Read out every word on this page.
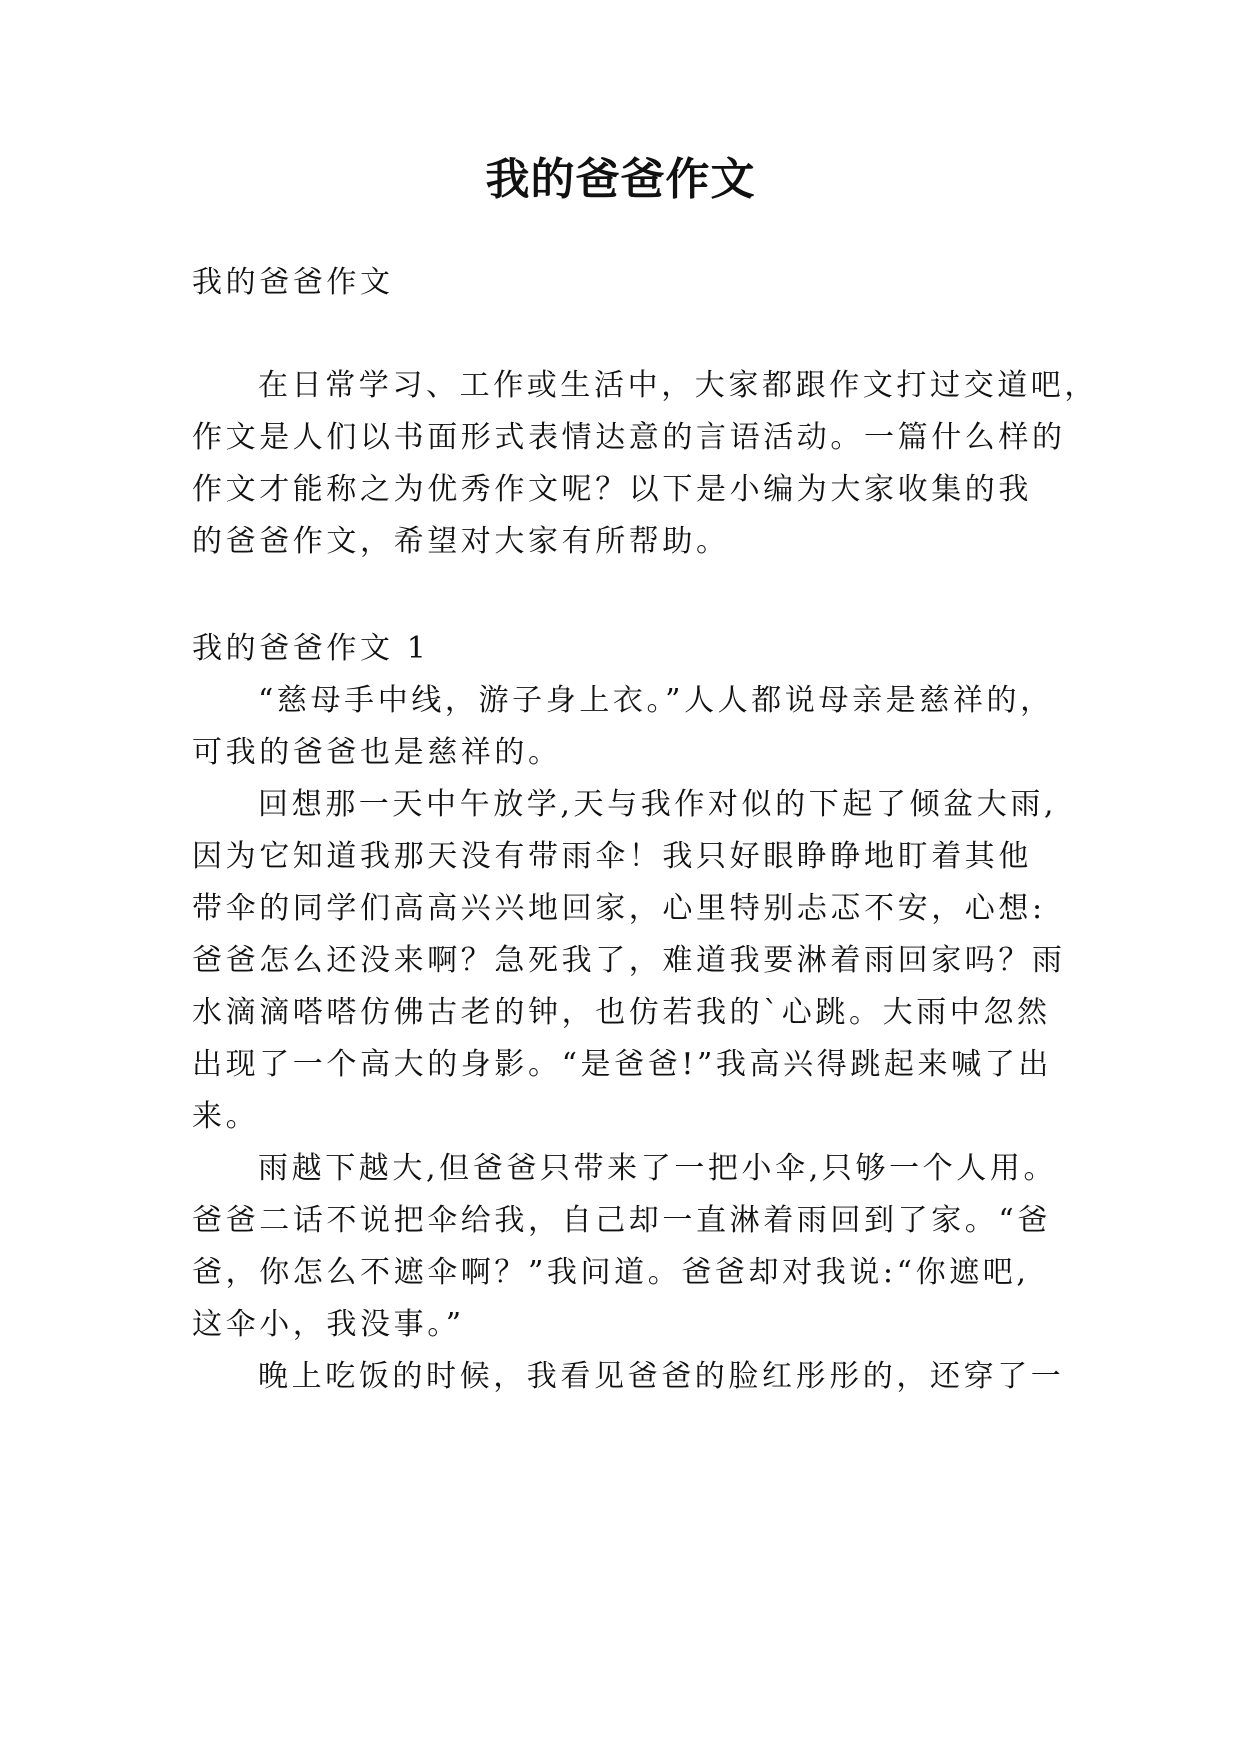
我的爸爸作文

我的爸爸作文

在日常学习、工作或生活中，大家都跟作文打过交道吧，

作文是人们以书面形式表情达意的言语活动。一篇什么样的

作文才能称之为优秀作文呢？以下是小编为大家收集的我

的爸爸作文，希望对大家有所帮助。

我的爸爸作文 1

“慈母手中线，游子身上衣。”人人都说母亲是慈祥的，

可我的爸爸也是慈祥的。

回想那一天中午放学,天与我作对似的下起了倾盆大雨,

因为它知道我那天没有带雨伞！我只好眼睁睁地盯着其他

带伞的同学们高高兴兴地回家，心里特别忐忑不安，心想:

爸爸怎么还没来啊？急死我了，难道我要淋着雨回家吗？雨

水滴滴嗒嗒仿佛古老的钟，也仿若我的`心跳。大雨中忽然

出现了一个高大的身影。“是爸爸!”我高兴得跳起来喊了出

来。

雨越下越大,但爸爸只带来了一把小伞,只够一个人用。

爸爸二话不说把伞给我，自己却一直淋着雨回到了家。“爸

爸，你怎么不遮伞啊？”我问道。爸爸却对我说:“你遮吧,

这伞小，我没事。”

晚上吃饭的时候，我看见爸爸的脸红彤彤的，还穿了一
